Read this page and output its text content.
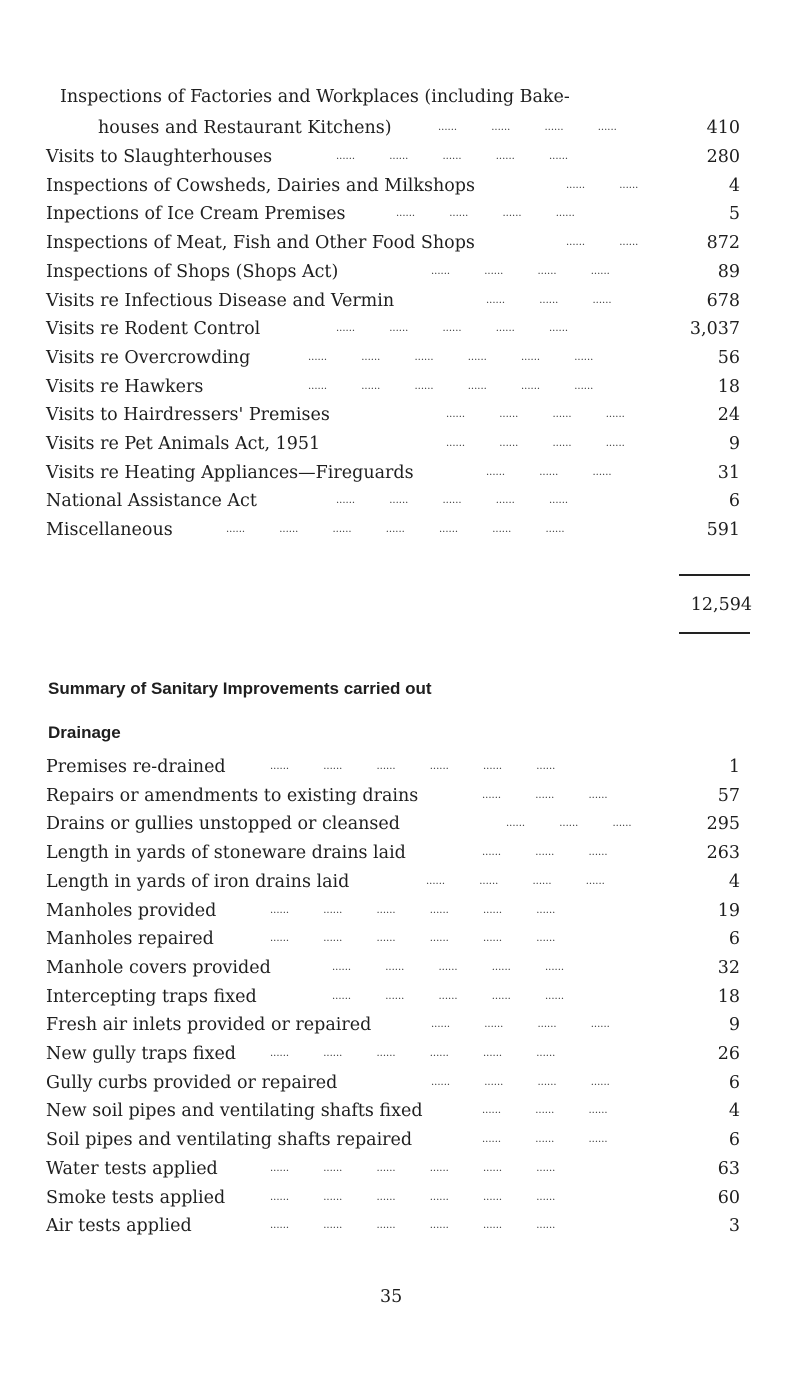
Inspections of Factories and Workplaces (including Bake-
houses and Restaurant Kitchens)	...... ...... ...... ......	410
Visits to Slaughterhouses	...... ...... ...... ...... ......	280
Inspections of Cowsheds, Dairies and Milkshops	...... ......	4
Inpections of Ice Cream Premises	...... ...... ...... ......	5
Inspections of Meat, Fish and Other Food Shops	...... ......	872
Inspections of Shops (Shops Act)	...... ...... ...... ......	89
Visits re Infectious Disease and Vermin	...... ...... ......	678
Visits re Rodent Control	...... ...... ...... ...... ......	3,037
Visits re Overcrowding	...... ...... ...... ...... ...... ......	56
Visits re Hawkers	...... ...... ...... ...... ...... ......	18
Visits to Hairdressers' Premises	...... ...... ...... ......	24
Visits re Pet Animals Act, 1951	...... ...... ...... ......	9
Visits re Heating Appliances—Fireguards	...... ...... ......	31
National Assistance Act	...... ...... ...... ...... ......	6
Miscellaneous	...... ...... ...... ...... ...... ...... ......	591
12,594
Summary of Sanitary Improvements carried out
Drainage
Premises re-drained	...... ...... ...... ...... ...... ......	1
Repairs or amendments to existing drains	...... ...... ......	57
Drains or gullies unstopped or cleansed	...... ...... ......	295
Length in yards of stoneware drains laid	...... ...... ......	263
Length in yards of iron drains laid	...... ...... ...... ......	4
Manholes provided	...... ...... ...... ...... ...... ......	19
Manholes repaired	...... ...... ...... ...... ...... ......	6
Manhole covers provided	...... ...... ...... ...... ......	32
Intercepting traps fixed	...... ...... ...... ...... ......	18
Fresh air inlets provided or repaired	...... ...... ...... ......	9
New gully traps fixed	...... ...... ...... ...... ...... ......	26
Gully curbs provided or repaired	...... ...... ...... ......	6
New soil pipes and ventilating shafts fixed	...... ...... ......	4
Soil pipes and ventilating shafts repaired	...... ...... ......	6
Water tests applied	...... ...... ...... ...... ...... ......	63
Smoke tests applied	...... ...... ...... ...... ...... ......	60
Air tests applied	...... ...... ...... ...... ...... ......	3
35
